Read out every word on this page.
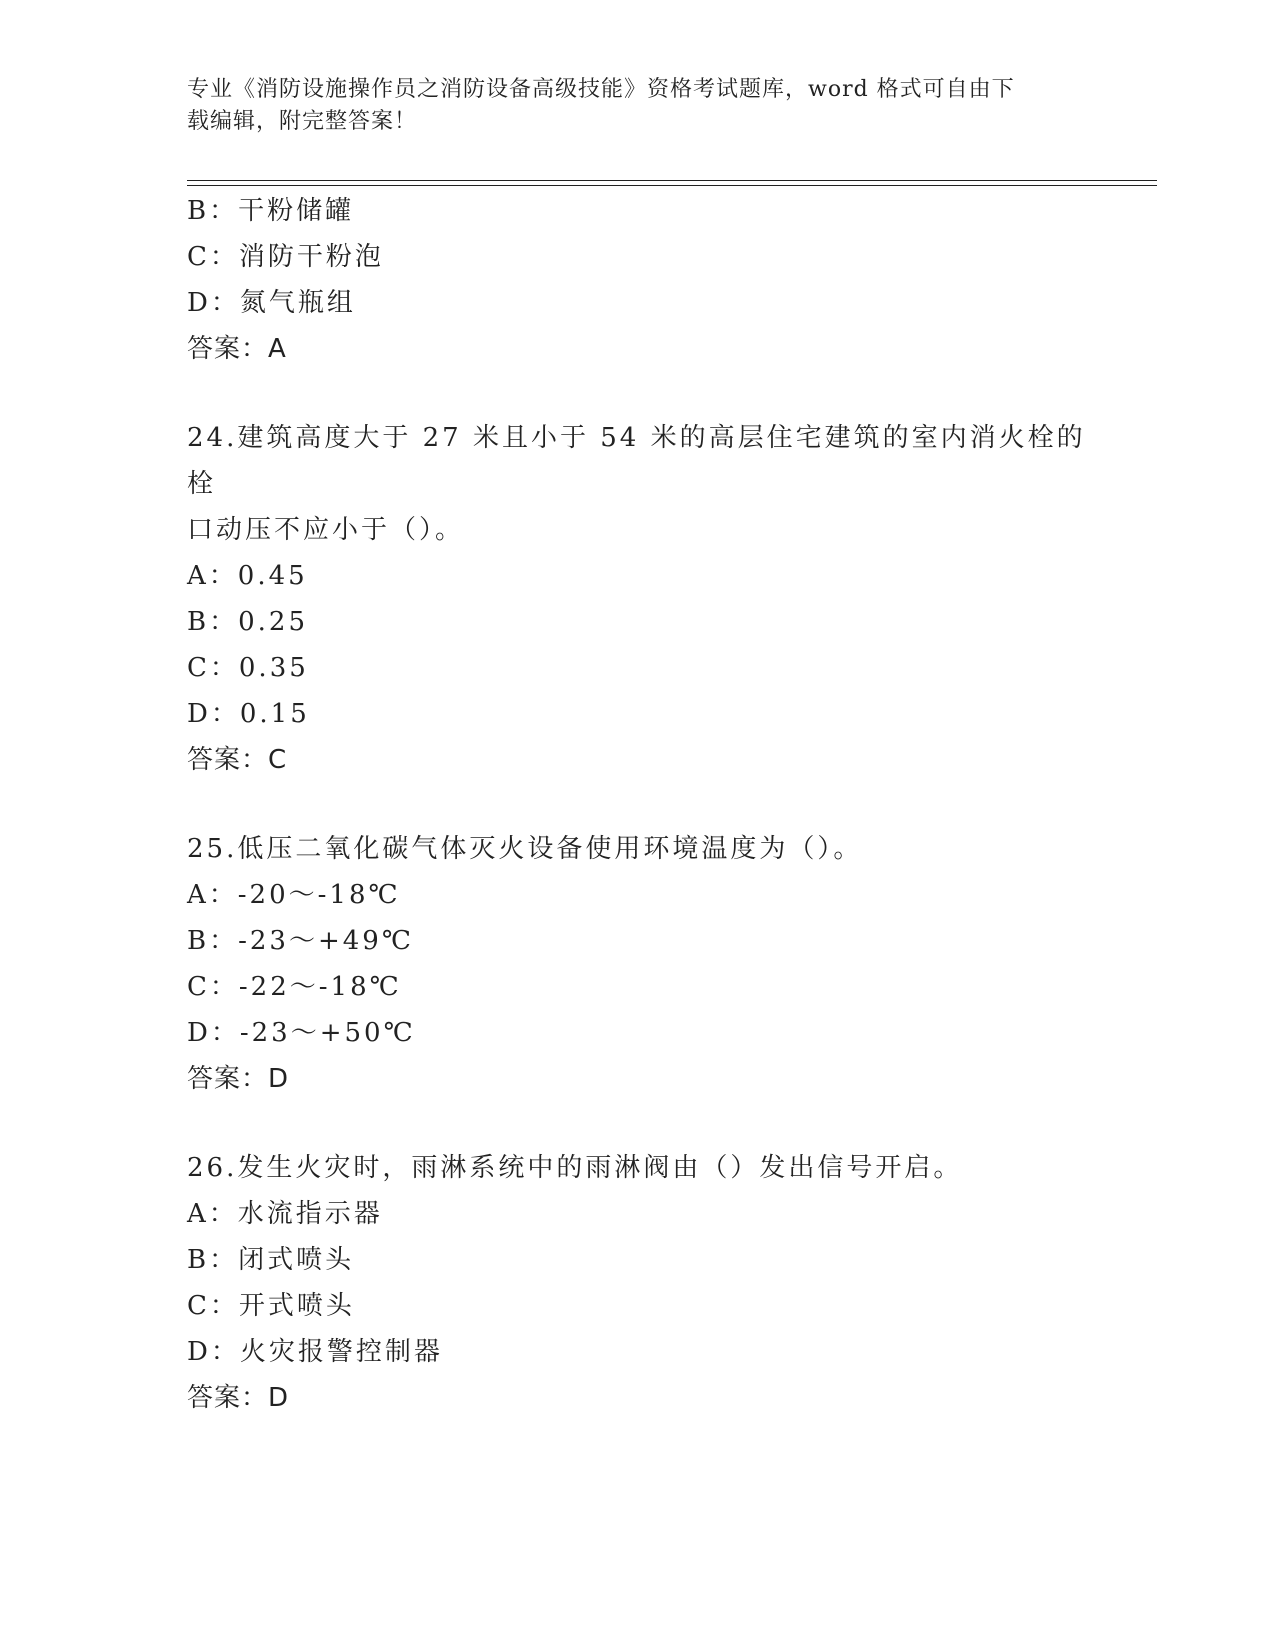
专业《消防设施操作员之消防设备高级技能》资格考试题库，word 格式可自由下
载编辑，附完整答案！
B：干粉储罐
C：消防干粉泡
D：氮气瓶组
答案：A
24.建筑高度大于 27 米且小于 54 米的高层住宅建筑的室内消火栓的栓
口动压不应小于（）。
A：0.45
B：0.25
C：0.35
D：0.15
答案：C
25.低压二氧化碳气体灭火设备使用环境温度为（）。
A：-20～-18℃
B：-23～+49℃
C：-22～-18℃
D：-23～+50℃
答案：D
26.发生火灾时，雨淋系统中的雨淋阀由（）发出信号开启。
A：水流指示器
B：闭式喷头
C：开式喷头
D：火灾报警控制器
答案：D
